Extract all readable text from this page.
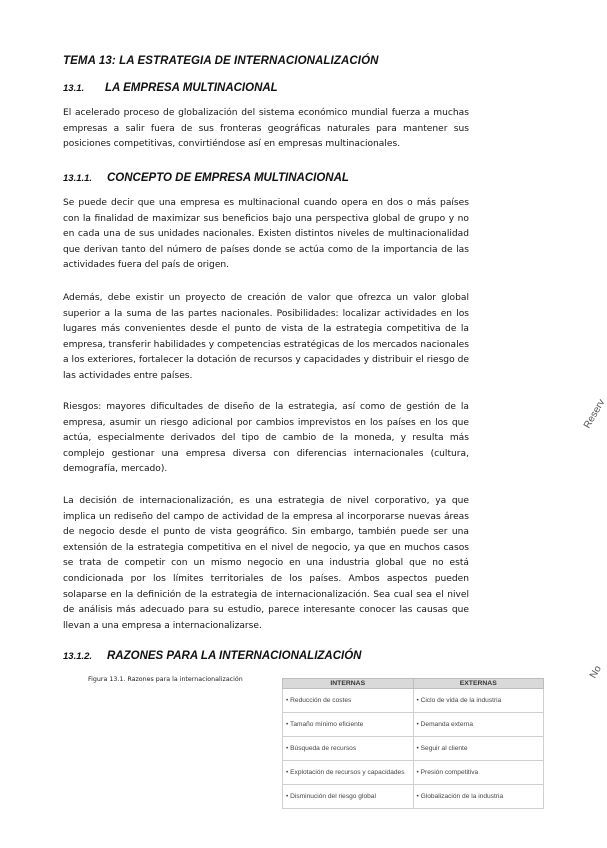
TEMA 13: LA ESTRATEGIA DE INTERNACIONALIZACIÓN
13.1. LA EMPRESA MULTINACIONAL
El acelerado proceso de globalización del sistema económico mundial fuerza a muchas empresas a salir fuera de sus fronteras geográficas naturales para mantener sus posiciones competitivas, convirtiéndose así en empresas multinacionales.
13.1.1. CONCEPTO DE EMPRESA MULTINACIONAL
Se puede decir que una empresa es multinacional cuando opera en dos o más países con la finalidad de maximizar sus beneficios bajo una perspectiva global de grupo y no en cada una de sus unidades nacionales. Existen distintos niveles de multinacionalidad que derivan tanto del número de países donde se actúa como de la importancia de las actividades fuera del país de origen.
Además, debe existir un proyecto de creación de valor que ofrezca un valor global superior a la suma de las partes nacionales. Posibilidades: localizar actividades en los lugares más convenientes desde el punto de vista de la estrategia competitiva de la empresa, transferir habilidades y competencias estratégicas de los mercados nacionales a los exteriores, fortalecer la dotación de recursos y capacidades y distribuir el riesgo de las actividades entre países.
Riesgos: mayores dificultades de diseño de la estrategia, así como de gestión de la empresa, asumir un riesgo adicional por cambios imprevistos en los países en los que actúa, especialmente derivados del tipo de cambio de la moneda, y resulta más complejo gestionar una empresa diversa con diferencias internacionales (cultura, demografía, mercado).
La decisión de internacionalización, es una estrategia de nivel corporativo, ya que implica un rediseño del campo de actividad de la empresa al incorporarse nuevas áreas de negocio desde el punto de vista geográfico. Sin embargo, también puede ser una extensión de la estrategia competitiva en el nivel de negocio, ya que en muchos casos se trata de competir con un mismo negocio en una industria global que no está condicionada por los límites territoriales de los países. Ambos aspectos pueden solaparse en la definición de la estrategia de internacionalización. Sea cual sea el nivel de análisis más adecuado para su estudio, parece interesante conocer las causas que llevan a una empresa a internacionalizarse.
13.1.2. RAZONES PARA LA INTERNACIONALIZACIÓN
Figura 13.1. Razones para la internacionalización
INTERNAS	EXTERNAS
• Reducción de costes	• Ciclo de vida de la industria
• Tamaño mínimo eficiente	• Demanda externa
• Búsqueda de recursos	• Seguir al cliente
• Explotación de recursos y capacidades	• Presión competitiva
• Disminución del riesgo global	• Globalización de la industria
Reserv
No
